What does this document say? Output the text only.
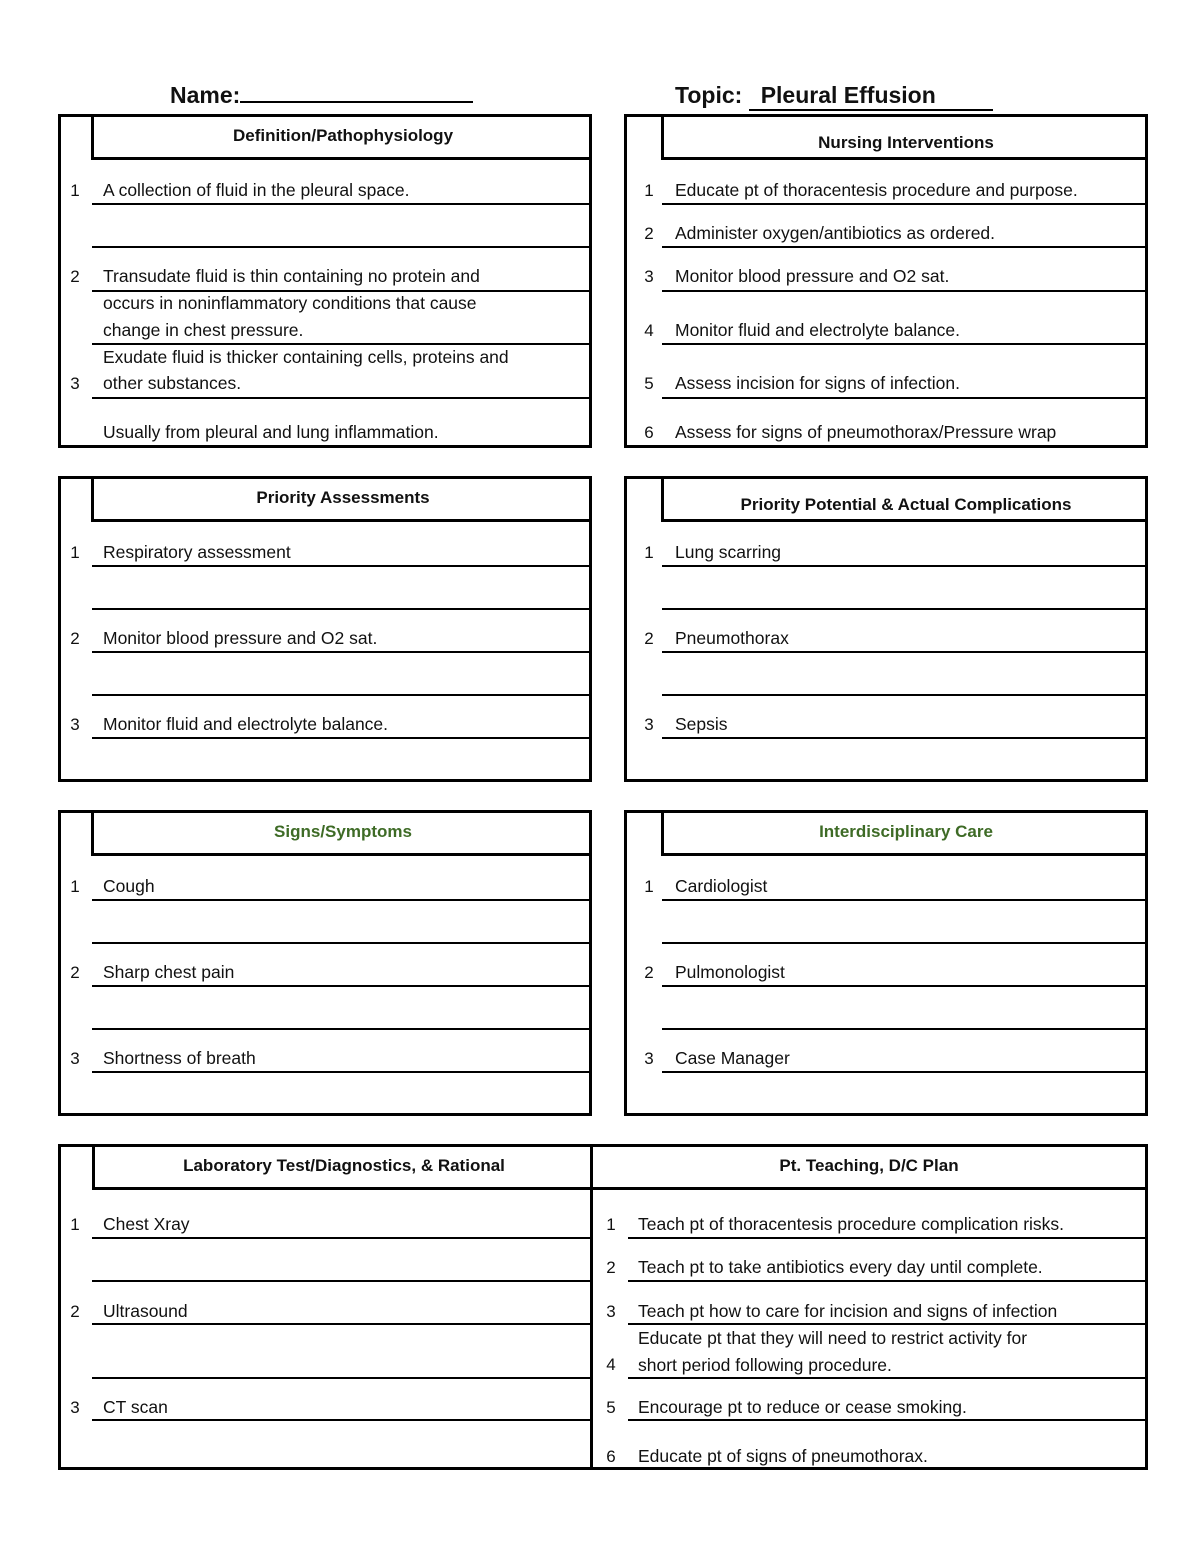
Name:	Topic: Pleural Effusion
Definition/Pathophysiology
1
2
3
A collection of fluid in the pleural space.
Transudate fluid is thin containing no protein and
occurs in noninflammatory conditions that cause
change in chest pressure.
Exudate fluid is thicker containing cells, proteins and
other substances.
Usually from pleural and lung inflammation.
Nursing Interventions
1
2
3
4
5
6
Educate pt of thoracentesis procedure and purpose.
Administer oxygen/antibiotics as ordered.
Monitor blood pressure and O2 sat.
Monitor fluid and electrolyte balance.
Assess incision for signs of infection.
Assess for signs of pneumothorax/Pressure wrap
Priority Assessments
1
2
3
Respiratory assessment
Monitor blood pressure and O2 sat.
Monitor fluid and electrolyte balance.
Priority Potential & Actual Complications
1
2
3
Lung scarring
Pneumothorax
Sepsis
Signs/Symptoms
1
2
3
Cough
Sharp chest pain
Shortness of breath
Interdisciplinary Care
1
2
3
Cardiologist
Pulmonologist
Case Manager
Laboratory Test/Diagnostics, & Rational	Pt. Teaching, D/C Plan
1
2
3
Chest Xray
Ultrasound
CT scan
1
2
3
4
5
6
Teach pt of thoracentesis procedure complication risks.
Teach pt to take antibiotics every day until complete.
Teach pt how to care for incision and signs of infection
Educate pt that they will need to restrict activity for
short period following procedure.
Encourage pt to reduce or cease smoking.
Educate pt of signs of pneumothorax.
